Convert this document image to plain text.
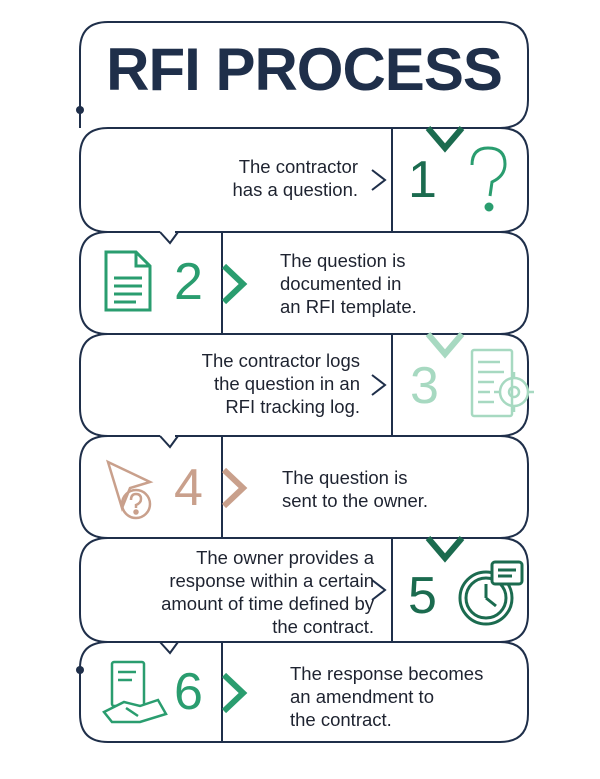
RFI PROCESS
The contractor
has a question. 1
The question is
documented in
an RFI template.
2
The contractor logs
the question in an
RFI tracking log. 3
The question is
sent to the owner.
4
The owner provides a
response within a certain
amount of time defined by
the contract.
5
The response becomes
an amendment to
the contract.
6
